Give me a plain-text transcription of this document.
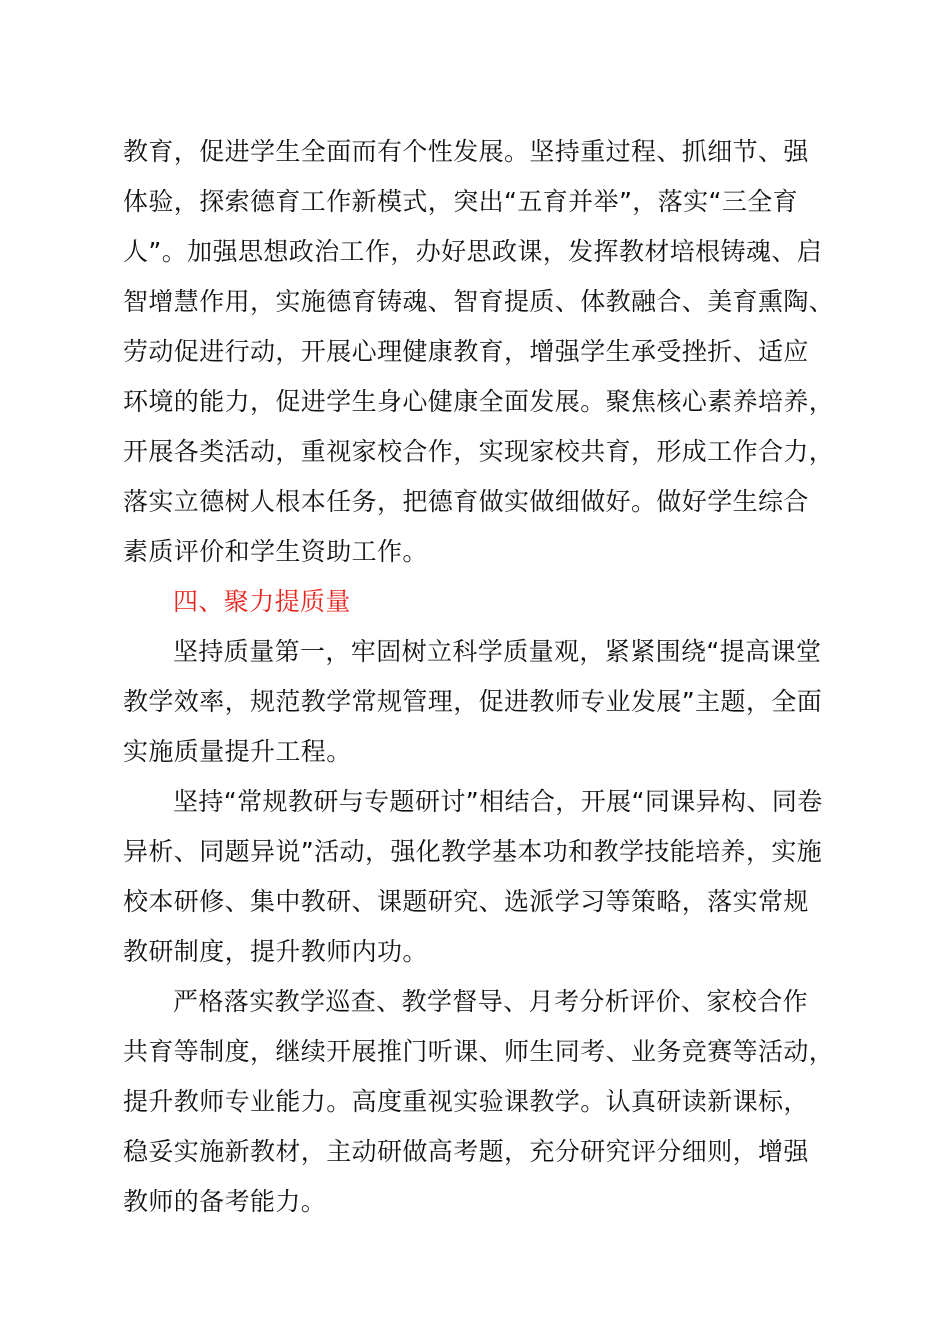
教育，促进学生全面而有个性发展。坚持重过程、抓细节、强
体验，探索德育工作新模式，突出“五育并举”，落实“三全育
人”。加强思想政治工作，办好思政课，发挥教材培根铸魂、启
智增慧作用，实施德育铸魂、智育提质、体教融合、美育熏陶、
劳动促进行动，开展心理健康教育，增强学生承受挫折、适应
环境的能力，促进学生身心健康全面发展。聚焦核心素养培养，
开展各类活动，重视家校合作，实现家校共育，形成工作合力，
落实立德树人根本任务，把德育做实做细做好。做好学生综合
素质评价和学生资助工作。
四、聚力提质量
坚持质量第一，牢固树立科学质量观，紧紧围绕“提高课堂
教学效率，规范教学常规管理，促进教师专业发展”主题，全面
实施质量提升工程。
坚持“常规教研与专题研讨”相结合，开展“同课异构、同卷
异析、同题异说”活动，强化教学基本功和教学技能培养，实施
校本研修、集中教研、课题研究、选派学习等策略，落实常规
教研制度，提升教师内功。
严格落实教学巡查、教学督导、月考分析评价、家校合作
共育等制度，继续开展推门听课、师生同考、业务竞赛等活动，
提升教师专业能力。高度重视实验课教学。认真研读新课标，
稳妥实施新教材，主动研做高考题，充分研究评分细则，增强
教师的备考能力。
